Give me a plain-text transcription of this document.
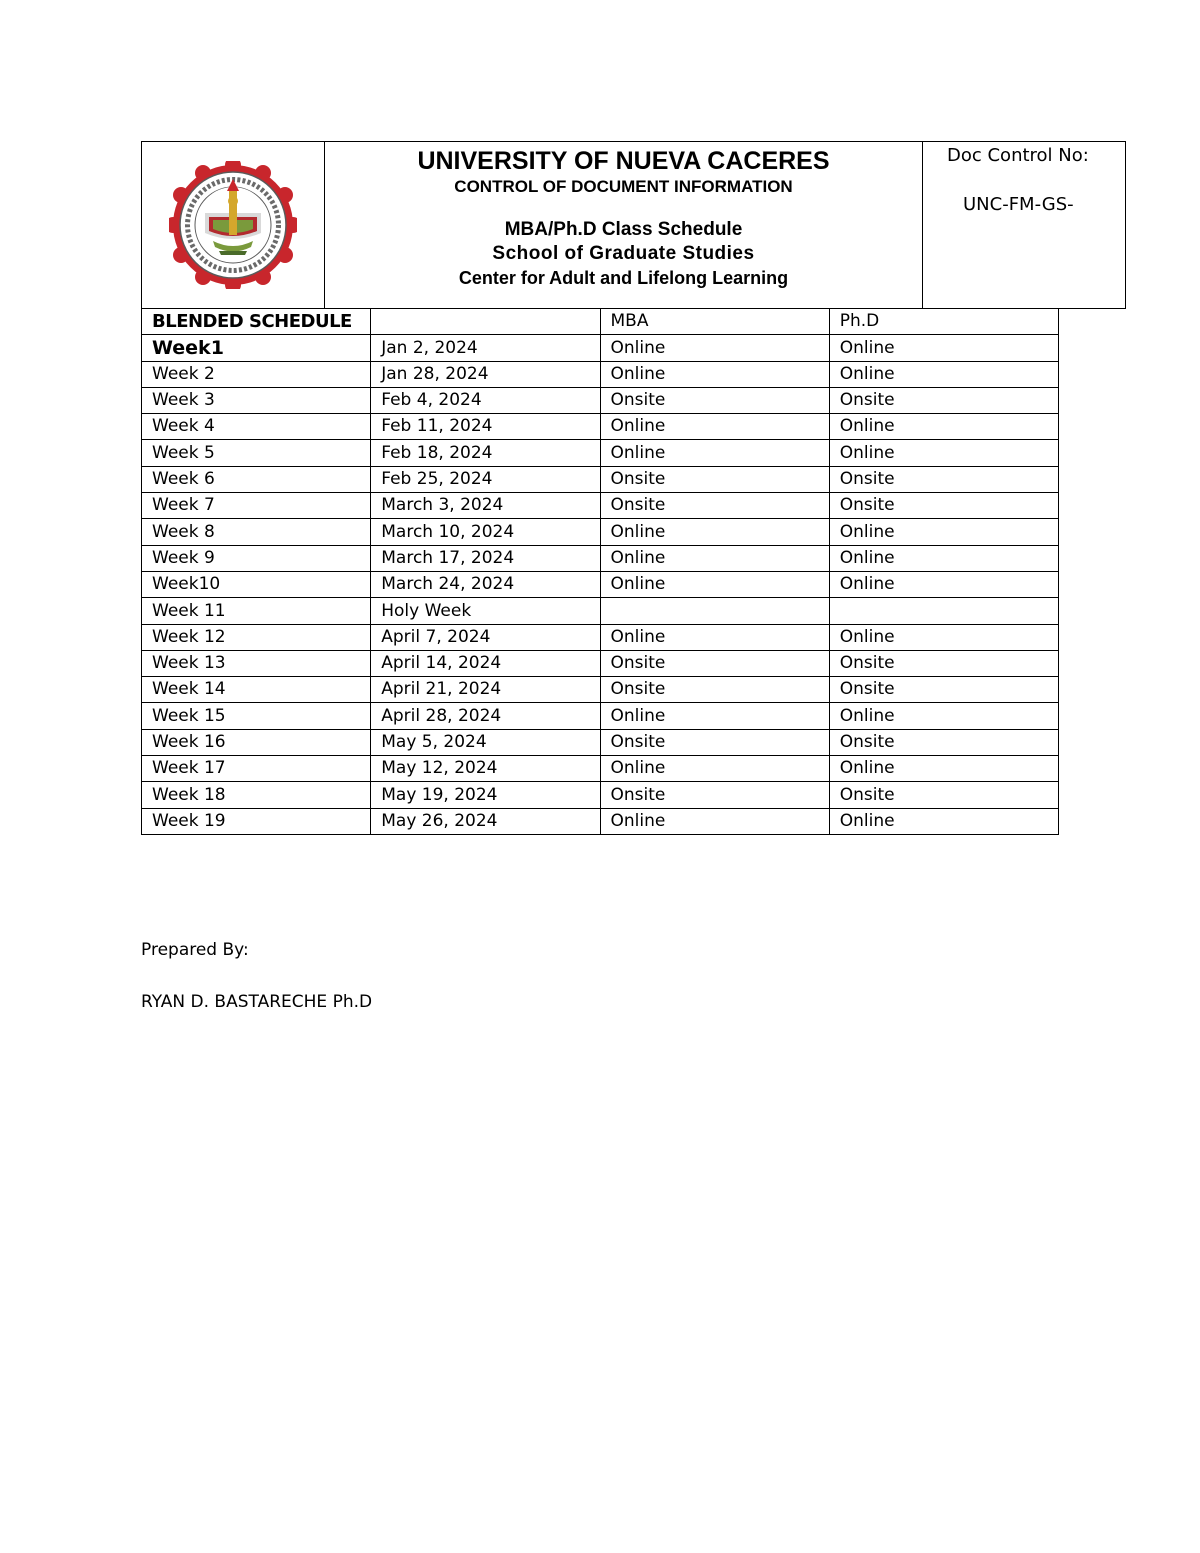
UNIVERSITY OF NUEVA CACERES
CONTROL OF DOCUMENT INFORMATION
MBA/Ph.D Class Schedule
School of Graduate Studies
Center for Adult and Lifelong Learning

Doc Control No:
UNC-FM-GS-
BLENDED SCHEDULE		MBA	Ph.D
Week1	Jan 2, 2024	Online	Online
Week 2	Jan 28, 2024	Online	Online
Week 3	Feb 4, 2024	Onsite	Onsite
Week 4	Feb 11, 2024	Online	Online
Week 5	Feb 18, 2024	Online	Online
Week 6	Feb 25, 2024	Onsite	Onsite
Week 7	March 3, 2024	Onsite	Onsite
Week 8	March 10, 2024	Online	Online
Week 9	March 17, 2024	Online	Online
Week10	March 24, 2024	Online	Online
Week 11	Holy Week		
Week 12	April 7, 2024	Online	Online
Week 13	April 14, 2024	Onsite	Onsite
Week 14	April 21, 2024	Onsite	Onsite
Week 15	April 28, 2024	Online	Online
Week 16	May 5, 2024	Onsite	Onsite
Week 17	May 12, 2024	Online	Online
Week 18	May 19, 2024	Onsite	Onsite
Week 19	May 26, 2024	Online	Online
Prepared By:
RYAN D. BASTARECHE Ph.D
